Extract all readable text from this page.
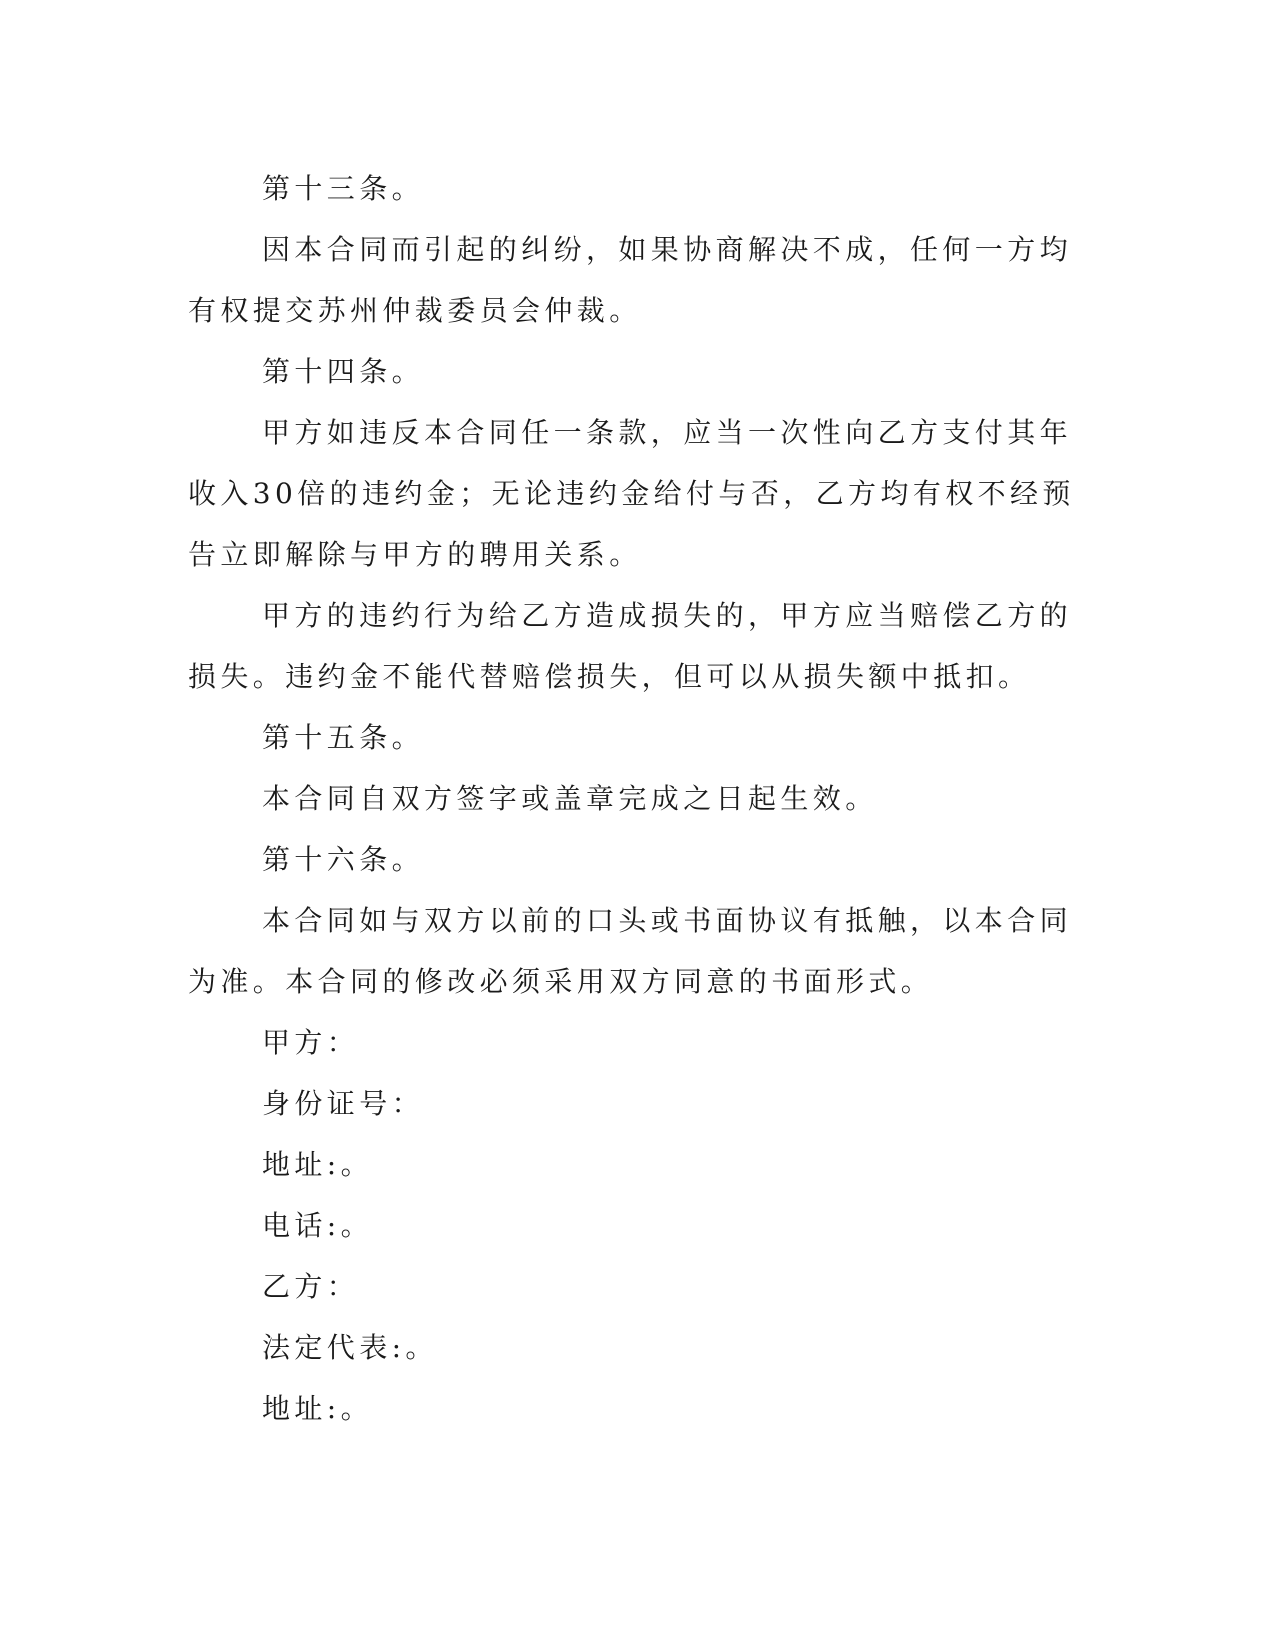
第十三条。

因本合同而引起的纠纷，如果协商解决不成，任何一方均有权提交苏州仲裁委员会仲裁。

第十四条。

甲方如违反本合同任一条款，应当一次性向乙方支付其年收入30倍的违约金；无论违约金给付与否，乙方均有权不经预告立即解除与甲方的聘用关系。

甲方的违约行为给乙方造成损失的，甲方应当赔偿乙方的损失。违约金不能代替赔偿损失，但可以从损失额中抵扣。

第十五条。

本合同自双方签字或盖章完成之日起生效。

第十六条。

本合同如与双方以前的口头或书面协议有抵触，以本合同为准。本合同的修改必须采用双方同意的书面形式。

甲方：

身份证号：

地址:。

电话:。

乙方：

法定代表:。

地址:。
